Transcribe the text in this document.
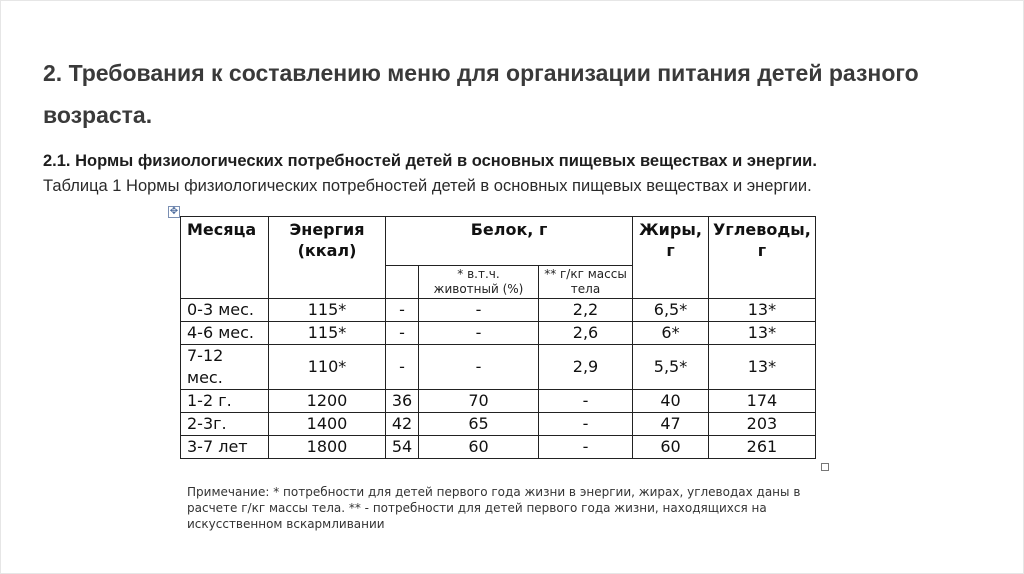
2. Требования к составлению меню для организации питания детей разного возраста.
2.1. Нормы физиологических потребностей детей в основных пищевых веществах и энергии.
Таблица 1 Нормы физиологических потребностей детей в основных пищевых веществах и энергии.
✥
Месяца	Энергия (ккал)	Белок, г			Жиры, г	Углеводы, г
			* в.т.ч. животный (%)	** г/кг массы тела		
0-3 мес.	115*	-	-	2,2	6,5*	13*
4-6 мес.	115*	-	-	2,6	6*	13*
7-12 мес.	110*	-	-	2,9	5,5*	13*
1-2 г.	1200	36	70	-	40	174
2-3г.	1400	42	65	-	47	203
3-7 лет	1800	54	60	-	60	261
Примечание: * потребности для детей первого года жизни в энергии, жирах, углеводах даны в расчете г/кг массы тела. ** - потребности для детей первого года жизни, находящихся на искусственном вскармливании
